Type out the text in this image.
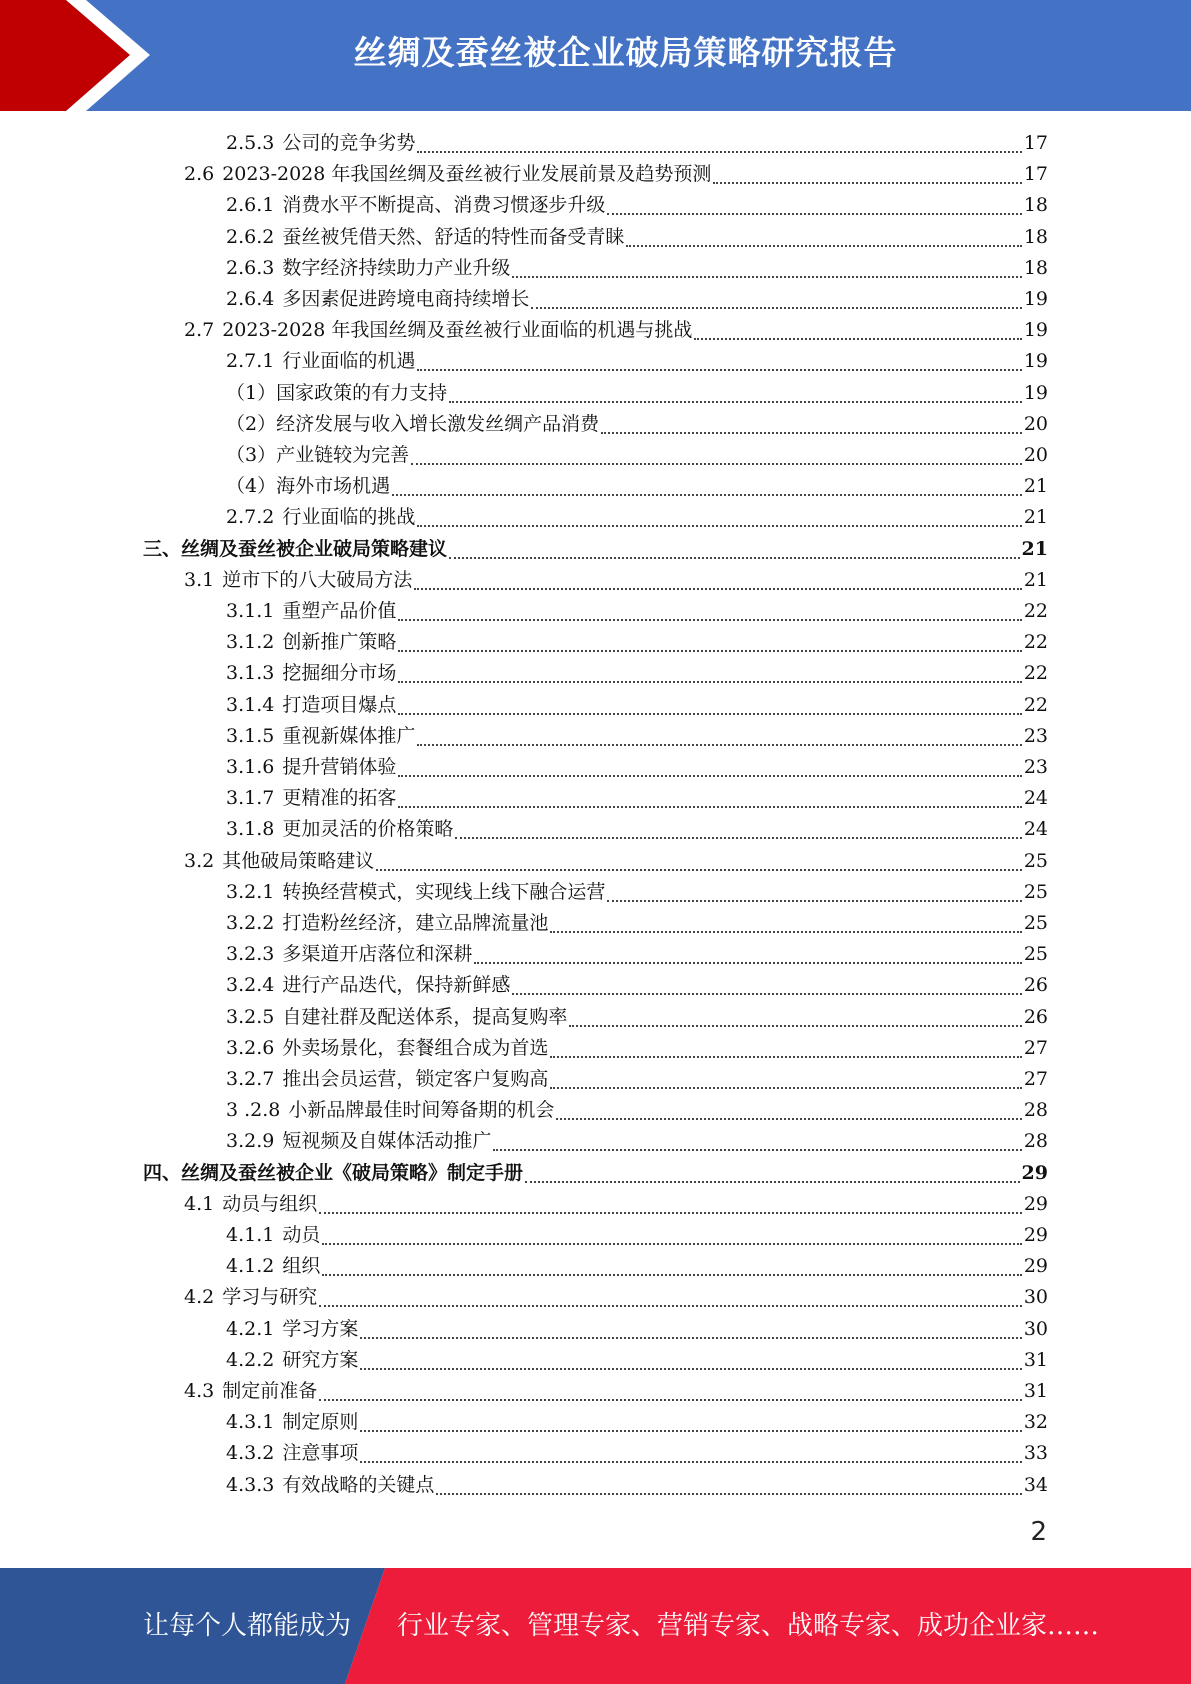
丝绸及蚕丝被企业破局策略研究报告
2.5.3 公司的竞争劣势	17
2.6 2023-2028 年我国丝绸及蚕丝被行业发展前景及趋势预测	17
2.6.1 消费水平不断提高、消费习惯逐步升级	18
2.6.2 蚕丝被凭借天然、舒适的特性而备受青睐	18
2.6.3 数字经济持续助力产业升级	18
2.6.4 多因素促进跨境电商持续增长	19
2.7 2023-2028 年我国丝绸及蚕丝被行业面临的机遇与挑战	19
2.7.1 行业面临的机遇	19
（1）国家政策的有力支持	19
（2）经济发展与收入增长激发丝绸产品消费	20
（3）产业链较为完善	20
（4）海外市场机遇	21
2.7.2 行业面临的挑战	21
三、丝绸及蚕丝被企业破局策略建议	21
3.1 逆市下的八大破局方法	21
3.1.1 重塑产品价值	22
3.1.2 创新推广策略	22
3.1.3 挖掘细分市场	22
3.1.4 打造项目爆点	22
3.1.5 重视新媒体推广	23
3.1.6 提升营销体验	23
3.1.7 更精准的拓客	24
3.1.8 更加灵活的价格策略	24
3.2 其他破局策略建议	25
3.2.1 转换经营模式，实现线上线下融合运营	25
3.2.2 打造粉丝经济，建立品牌流量池	25
3.2.3 多渠道开店落位和深耕	25
3.2.4 进行产品迭代，保持新鲜感	26
3.2.5 自建社群及配送体系，提高复购率	26
3.2.6 外卖场景化，套餐组合成为首选	27
3.2.7 推出会员运营，锁定客户复购高	27
3 .2.8 小新品牌最佳时间筹备期的机会	28
3.2.9 短视频及自媒体活动推广	28
四、丝绸及蚕丝被企业《破局策略》制定手册	29
4.1 动员与组织	29
4.1.1 动员	29
4.1.2 组织	29
4.2 学习与研究	30
4.2.1 学习方案	30
4.2.2 研究方案	31
4.3 制定前准备	31
4.3.1 制定原则	32
4.3.2 注意事项	33
4.3.3 有效战略的关键点	34
2
让每个人都能成为 行业专家、管理专家、营销专家、战略专家、成功企业家……
